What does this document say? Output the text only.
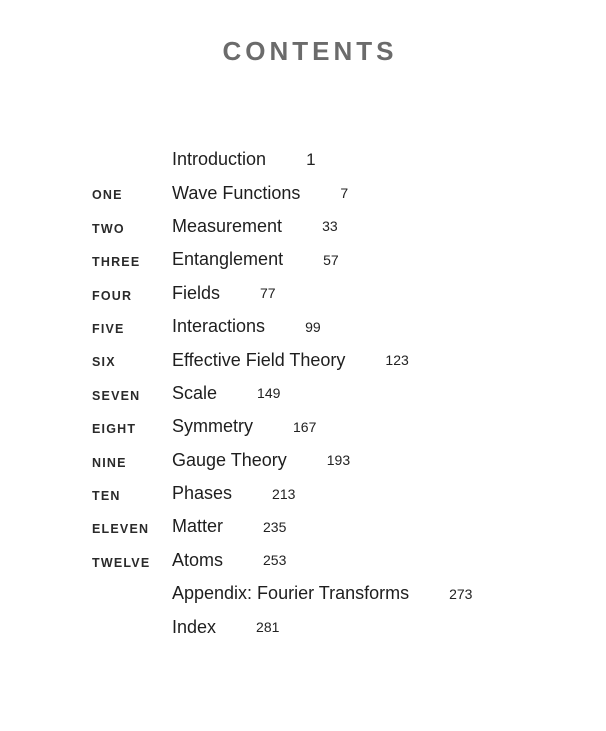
CONTENTS
Introduction 1
ONE	Wave Functions	7
TWO	Measurement	33
THREE Entanglement	57
FOUR Fields	77
FIVE	Interactions	99
SIX	Effective Field Theory	123
SEVEN Scale	149
EIGHT Symmetry	167
NINE	Gauge Theory	193
TEN	Phases	213
ELEVEN Matter	235
TWELVE Atoms	253
Appendix: Fourier Transforms	273
Index	281
